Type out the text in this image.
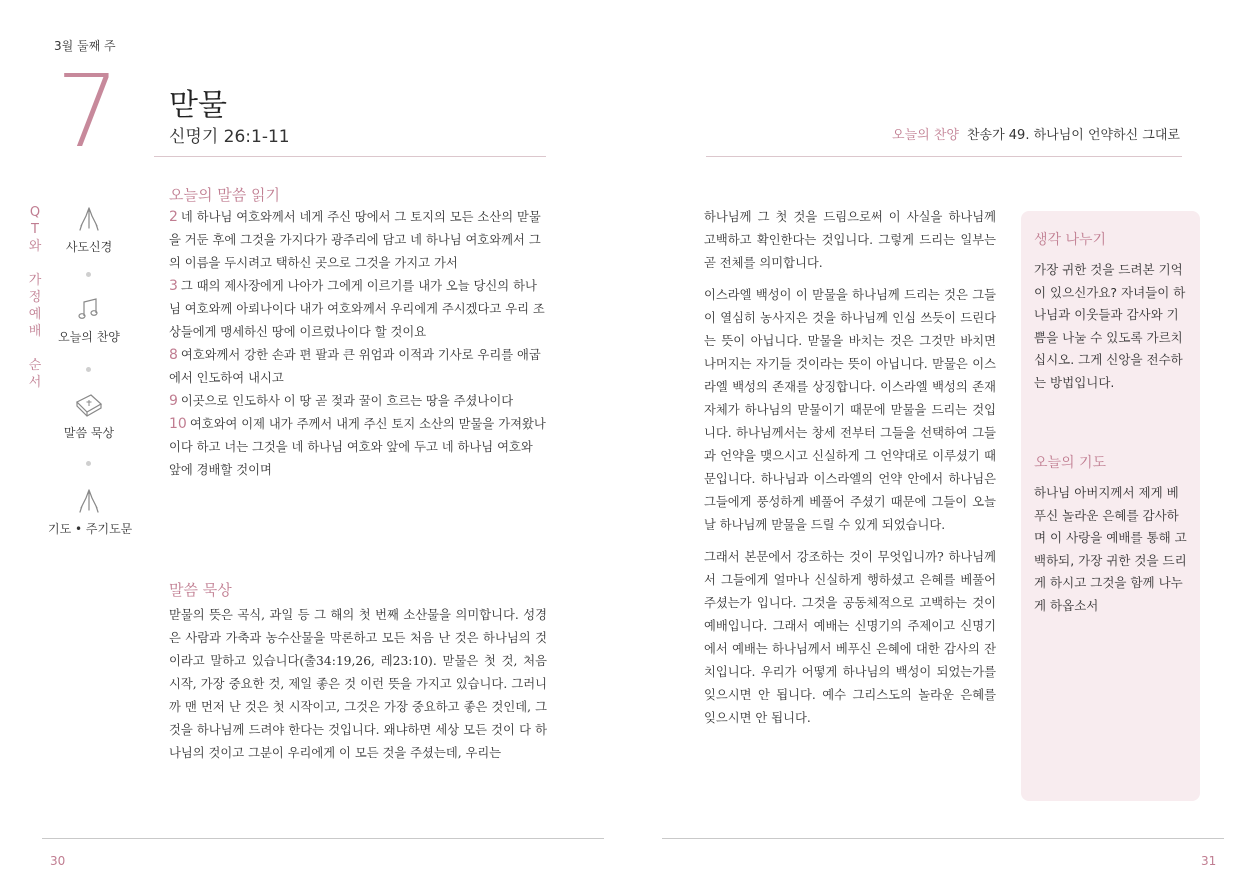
3월 둘째 주
7 맏물
신명기 26:1-11	오늘의 찬양 찬송가 49. 하나님이 언약하신 그대로
Q
T
와

가
정
예
배

순
서
사도신경
오늘의 찬양
말씀 묵상
기도 • 주기도문
오늘의 말씀 읽기
2 네 하나님 여호와께서 네게 주신 땅에서 그 토지의 모든 소산의 맏물을 거둔 후에 그것을 가지다가 광주리에 담고 네 하나님 여호와께서 그의 이름을 두시려고 택하신 곳으로 그것을 가지고 가서
3 그 때의 제사장에게 나아가 그에게 이르기를 내가 오늘 당신의 하나님 여호와께 아뢰나이다 내가 여호와께서 우리에게 주시겠다고 우리 조상들에게 맹세하신 땅에 이르렀나이다 할 것이요
8 여호와께서 강한 손과 편 팔과 큰 위엄과 이적과 기사로 우리를 애굽에서 인도하여 내시고
9 이곳으로 인도하사 이 땅 곧 젖과 꿀이 흐르는 땅을 주셨나이다
10 여호와여 이제 내가 주께서 내게 주신 토지 소산의 맏물을 가져왔나이다 하고 너는 그것을 네 하나님 여호와 앞에 두고 네 하나님 여호와 앞에 경배할 것이며
말씀 묵상
맏물의 뜻은 곡식, 과일 등 그 해의 첫 번째 소산물을 의미합니다. 성경은 사람과 가축과 농수산물을 막론하고 모든 처음 난 것은 하나님의 것이라고 말하고 있습니다(출34:19,26, 레23:10). 맏물은 첫 것, 처음 시작, 가장 중요한 것, 제일 좋은 것 이런 뜻을 가지고 있습니다. 그러니까 맨 먼저 난 것은 첫 시작이고, 그것은 가장 중요하고 좋은 것인데, 그것을 하나님께 드려야 한다는 것입니다. 왜냐하면 세상 모든 것이 다 하나님의 것이고 그분이 우리에게 이 모든 것을 주셨는데, 우리는

하나님께 그 첫 것을 드림으로써 이 사실을 하나님께 고백하고 확인한다는 것입니다. 그렇게 드리는 일부는 곧 전체를 의미합니다.

이스라엘 백성이 이 맏물을 하나님께 드리는 것은 그들이 열심히 농사지은 것을 하나님께 인심 쓰듯이 드린다는 뜻이 아닙니다. 맏물을 바치는 것은 그것만 바치면 나머지는 자기들 것이라는 뜻이 아닙니다. 맏물은 이스라엘 백성의 존재를 상징합니다. 이스라엘 백성의 존재 자체가 하나님의 맏물이기 때문에 맏물을 드리는 것입니다. 하나님께서는 창세 전부터 그들을 선택하여 그들과 언약을 맺으시고 신실하게 그 언약대로 이루셨기 때문입니다. 하나님과 이스라엘의 언약 안에서 하나님은 그들에게 풍성하게 베풀어 주셨기 때문에 그들이 오늘날 하나님께 맏물을 드릴 수 있게 되었습니다.

그래서 본문에서 강조하는 것이 무엇입니까? 하나님께서 그들에게 얼마나 신실하게 행하셨고 은혜를 베풀어주셨는가 입니다. 그것을 공동체적으로 고백하는 것이 예배입니다. 그래서 예배는 신명기의 주제이고 신명기에서 예배는 하나님께서 베푸신 은혜에 대한 감사의 잔치입니다. 우리가 어떻게 하나님의 백성이 되었는가를 잊으시면 안 됩니다. 예수 그리스도의 놀라운 은혜를 잊으시면 안 됩니다.

생각 나누기
가장 귀한 것을 드려본 기억이 있으신가요? 자녀들이 하나님과 이웃들과 감사와 기쁨을 나눌 수 있도록 가르치십시오. 그게 신앙을 전수하는 방법입니다.
오늘의 기도
하나님 아버지께서 제게 베푸신 놀라운 은혜를 감사하며 이 사랑을 예배를 통해 고백하되, 가장 귀한 것을 드리게 하시고 그것을 함께 나누게 하옵소서
30	31
